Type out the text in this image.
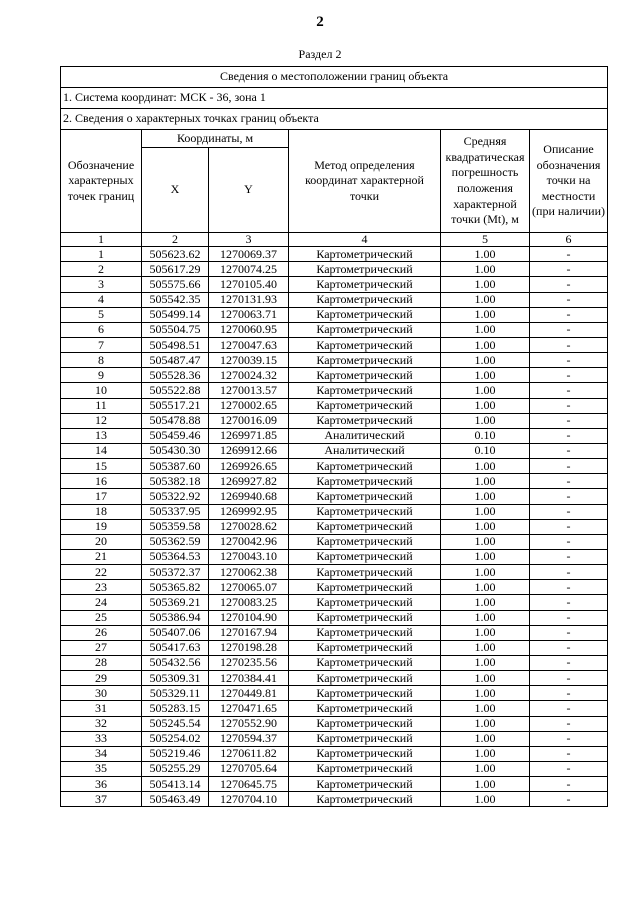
2
Раздел 2
Сведения о местоположении границ объекта					
1. Система координат: МСК - 36, зона 1					
2. Сведения о характерных точках границ объекта					
Обозначение характерных точек границ	Координаты, м		Метод определения координат характерной точки	Средняя квадратическая погрешность положения характерной точки (Mt), м	Описание обозначения точки на местности (при наличии)
	X	Y			
1	2	3	4	5	6
1	505623.62	1270069.37	Картометрический	1.00	-
2	505617.29	1270074.25	Картометрический	1.00	-
3	505575.66	1270105.40	Картометрический	1.00	-
4	505542.35	1270131.93	Картометрический	1.00	-
5	505499.14	1270063.71	Картометрический	1.00	-
6	505504.75	1270060.95	Картометрический	1.00	-
7	505498.51	1270047.63	Картометрический	1.00	-
8	505487.47	1270039.15	Картометрический	1.00	-
9	505528.36	1270024.32	Картометрический	1.00	-
10	505522.88	1270013.57	Картометрический	1.00	-
11	505517.21	1270002.65	Картометрический	1.00	-
12	505478.88	1270016.09	Картометрический	1.00	-
13	505459.46	1269971.85	Аналитический	0.10	-
14	505430.30	1269912.66	Аналитический	0.10	-
15	505387.60	1269926.65	Картометрический	1.00	-
16	505382.18	1269927.82	Картометрический	1.00	-
17	505322.92	1269940.68	Картометрический	1.00	-
18	505337.95	1269992.95	Картометрический	1.00	-
19	505359.58	1270028.62	Картометрический	1.00	-
20	505362.59	1270042.96	Картометрический	1.00	-
21	505364.53	1270043.10	Картометрический	1.00	-
22	505372.37	1270062.38	Картометрический	1.00	-
23	505365.82	1270065.07	Картометрический	1.00	-
24	505369.21	1270083.25	Картометрический	1.00	-
25	505386.94	1270104.90	Картометрический	1.00	-
26	505407.06	1270167.94	Картометрический	1.00	-
27	505417.63	1270198.28	Картометрический	1.00	-
28	505432.56	1270235.56	Картометрический	1.00	-
29	505309.31	1270384.41	Картометрический	1.00	-
30	505329.11	1270449.81	Картометрический	1.00	-
31	505283.15	1270471.65	Картометрический	1.00	-
32	505245.54	1270552.90	Картометрический	1.00	-
33	505254.02	1270594.37	Картометрический	1.00	-
34	505219.46	1270611.82	Картометрический	1.00	-
35	505255.29	1270705.64	Картометрический	1.00	-
36	505413.14	1270645.75	Картометрический	1.00	-
37	505463.49	1270704.10	Картометрический	1.00	-
